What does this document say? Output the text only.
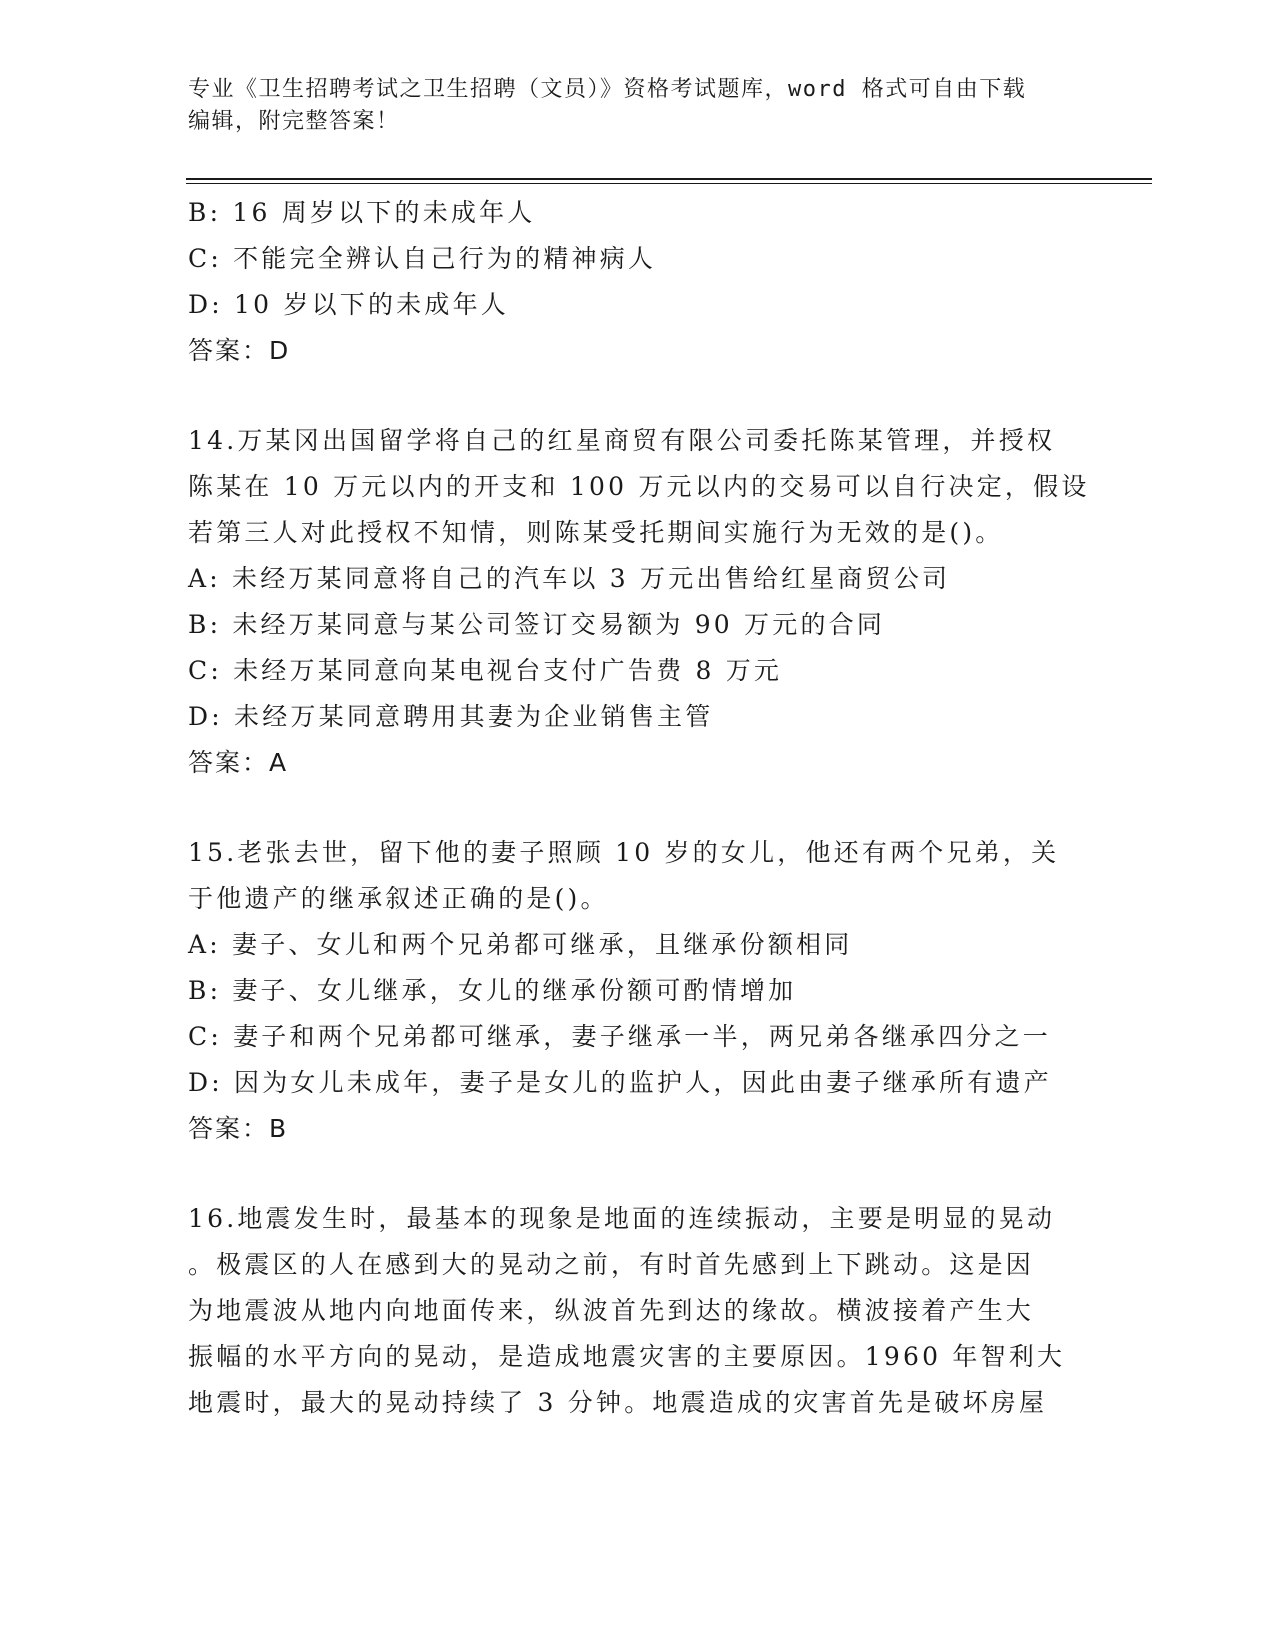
专业《卫生招聘考试之卫生招聘（文员）》资格考试题库，word 格式可自由下载
编辑，附完整答案！
B: 16 周岁以下的未成年人
C: 不能完全辨认自己行为的精神病人
D: 10 岁以下的未成年人
答案：D
14.万某冈出国留学将自己的红星商贸有限公司委托陈某管理，并授权
陈某在 10 万元以内的开支和 100 万元以内的交易可以自行决定，假设
若第三人对此授权不知情，则陈某受托期间实施行为无效的是()。
A: 未经万某同意将自己的汽车以 3 万元出售给红星商贸公司
B: 未经万某同意与某公司签订交易额为 90 万元的合同
C: 未经万某同意向某电视台支付广告费 8 万元
D: 未经万某同意聘用其妻为企业销售主管
答案：A
15.老张去世，留下他的妻子照顾 10 岁的女儿，他还有两个兄弟，关
于他遗产的继承叙述正确的是()。
A: 妻子、女儿和两个兄弟都可继承，且继承份额相同
B: 妻子、女儿继承，女儿的继承份额可酌情增加
C: 妻子和两个兄弟都可继承，妻子继承一半，两兄弟各继承四分之一
D: 因为女儿未成年，妻子是女儿的监护人，因此由妻子继承所有遗产
答案：B
16.地震发生时，最基本的现象是地面的连续振动，主要是明显的晃动
。极震区的人在感到大的晃动之前，有时首先感到上下跳动。这是因
为地震波从地内向地面传来，纵波首先到达的缘故。横波接着产生大
振幅的水平方向的晃动，是造成地震灾害的主要原因。1960 年智利大
地震时，最大的晃动持续了 3 分钟。地震造成的灾害首先是破坏房屋
